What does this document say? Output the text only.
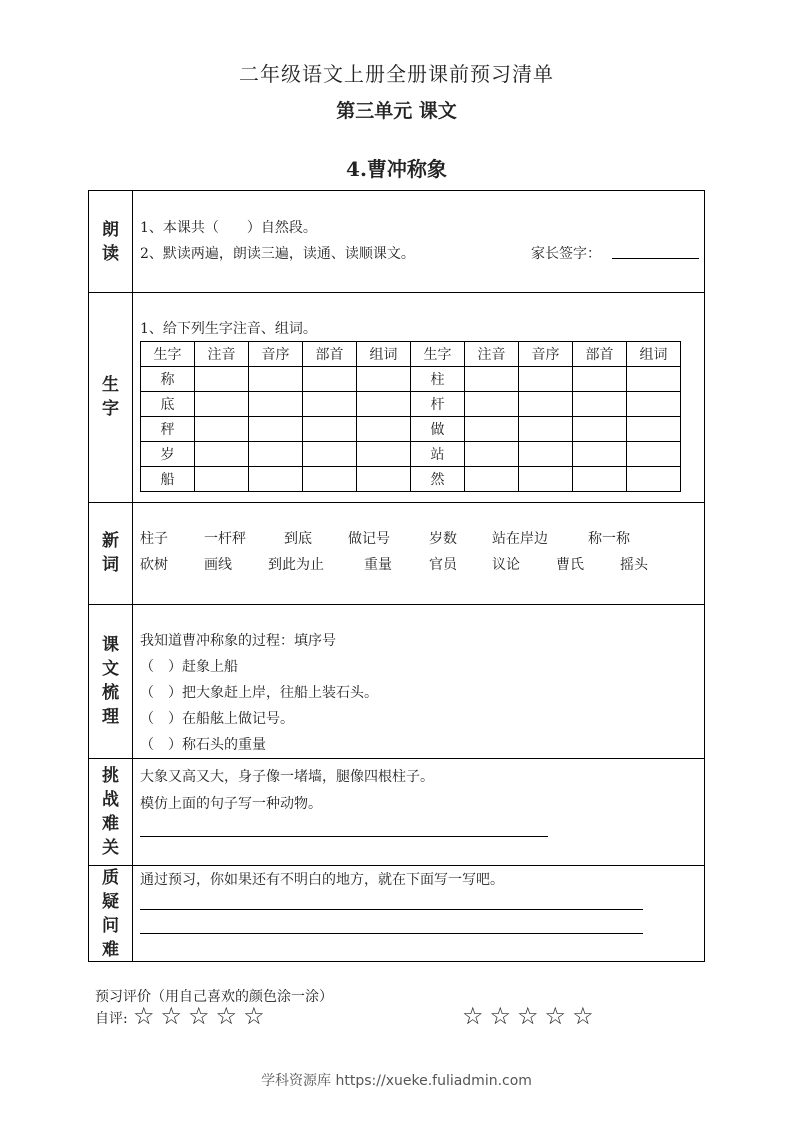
二年级语文上册全册课前预习清单
第三单元 课文
4.曹冲称象
朗
读
1、本课共（　　）自然段。
2、默读两遍，朗读三遍，读通、读顺课文。	家长签字：
生
字
1、给下列生字注音、组词。
生字	注音	音序	部首	组词	生字	注音	音序	部首	组词
称					柱				
底					杆				
秤					做				
岁					站				
船					然				
新
词
柱子	一杆秤	到底	做记号	岁数	站在岸边	称一称
砍树	画线	到此为止	重量	官员	议论	曹氏	摇头
课
文
梳
理
我知道曹冲称象的过程：填序号
（　）赶象上船
（　）把大象赶上岸，往船上装石头。
（　）在船舷上做记号。
（　）称石头的重量
挑
战
难
关
大象又高又大，身子像一堵墙，腿像四根柱子。
模仿上面的句子写一种动物。
质
疑
问
难
通过预习，你如果还有不明白的地方，就在下面写一写吧。
预习评价（用自己喜欢的颜色涂一涂）
自评: ☆☆☆☆☆	☆☆☆☆☆
学科资源库 https://xueke.fuliadmin.com
